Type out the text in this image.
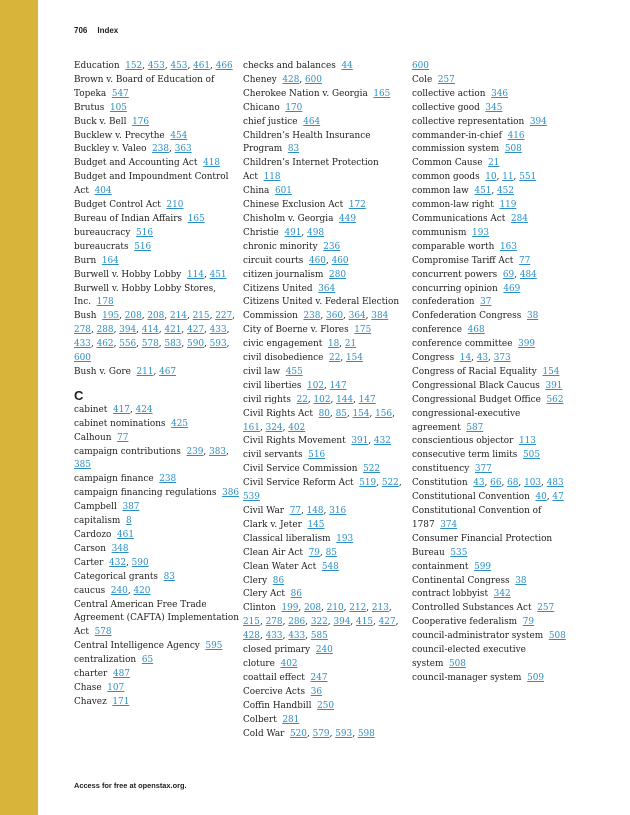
706 Index
Education 152, 453, 453, 461, 466
Brown v. Board of Education of Topeka 547
Brutus 105
Buck v. Bell 176
Bucklew v. Precythe 454
Buckley v. Valeo 238, 363
Budget and Accounting Act 418
Budget and Impoundment Control Act 404
Budget Control Act 210
Bureau of Indian Affairs 165
bureaucracy 516
bureaucrats 516
Burn 164
Burwell v. Hobby Lobby 114, 451
Burwell v. Hobby Lobby Stores, Inc. 178
Bush 195, 208, 208, 214, 215, 227, 278, 288, 394, 414, 421, 427, 433, 433, 462, 556, 578, 583, 590, 593, 600
Bush v. Gore 211, 467
C
cabinet 417, 424
cabinet nominations 425
Calhoun 77
campaign contributions 239, 383, 385
campaign finance 238
campaign financing regulations 386
Campbell 387
capitalism 8
Cardozo 461
Carson 348
Carter 432, 590
Categorical grants 83
caucus 240, 420
Central American Free Trade Agreement (CAFTA) Implementation Act 578
Central Intelligence Agency 595
centralization 65
charter 487
Chase 107
Chavez 171
checks and balances 44
Cheney 428, 600
Cherokee Nation v. Georgia 165
Chicano 170
chief justice 464
Children’s Health Insurance Program 83
Children’s Internet Protection Act 118
China 601
Chinese Exclusion Act 172
Chisholm v. Georgia 449
Christie 491, 498
chronic minority 236
circuit courts 460, 460
citizen journalism 280
Citizens United 364
Citizens United v. Federal Election Commission 238, 360, 364, 384
City of Boerne v. Flores 175
civic engagement 18, 21
civil disobedience 22, 154
civil law 455
civil liberties 102, 147
civil rights 22, 102, 144, 147
Civil Rights Act 80, 85, 154, 156, 161, 324, 402
Civil Rights Movement 391, 432
civil servants 516
Civil Service Commission 522
Civil Service Reform Act 519, 522, 539
Civil War 77, 148, 316
Clark v. Jeter 145
Classical liberalism 193
Clean Air Act 79, 85
Clean Water Act 548
Clery 86
Clery Act 86
Clinton 199, 208, 210, 212, 213, 215, 278, 286, 322, 394, 415, 427, 428, 433, 433, 585
closed primary 240
cloture 402
coattail effect 247
Coercive Acts 36
Coffin Handbill 250
Colbert 281
Cold War 520, 579, 593, 598
600
Cole 257
collective action 346
collective good 345
collective representation 394
commander-in-chief 416
commission system 508
Common Cause 21
common goods 10, 11, 551
common law 451, 452
common-law right 119
Communications Act 284
communism 193
comparable worth 163
Compromise Tariff Act 77
concurrent powers 69, 484
concurring opinion 469
confederation 37
Confederation Congress 38
conference 468
conference committee 399
Congress 14, 43, 373
Congress of Racial Equality 154
Congressional Black Caucus 391
Congressional Budget Office 562
congressional-executive agreement 587
conscientious objector 113
consecutive term limits 505
constituency 377
Constitution 43, 66, 68, 103, 483
Constitutional Convention 40, 47
Constitutional Convention of 1787 374
Consumer Financial Protection Bureau 535
containment 599
Continental Congress 38
contract lobbyist 342
Controlled Substances Act 257
Cooperative federalism 79
council-administrator system 508
council-elected executive system 508
council-manager system 509
Access for free at openstax.org.
